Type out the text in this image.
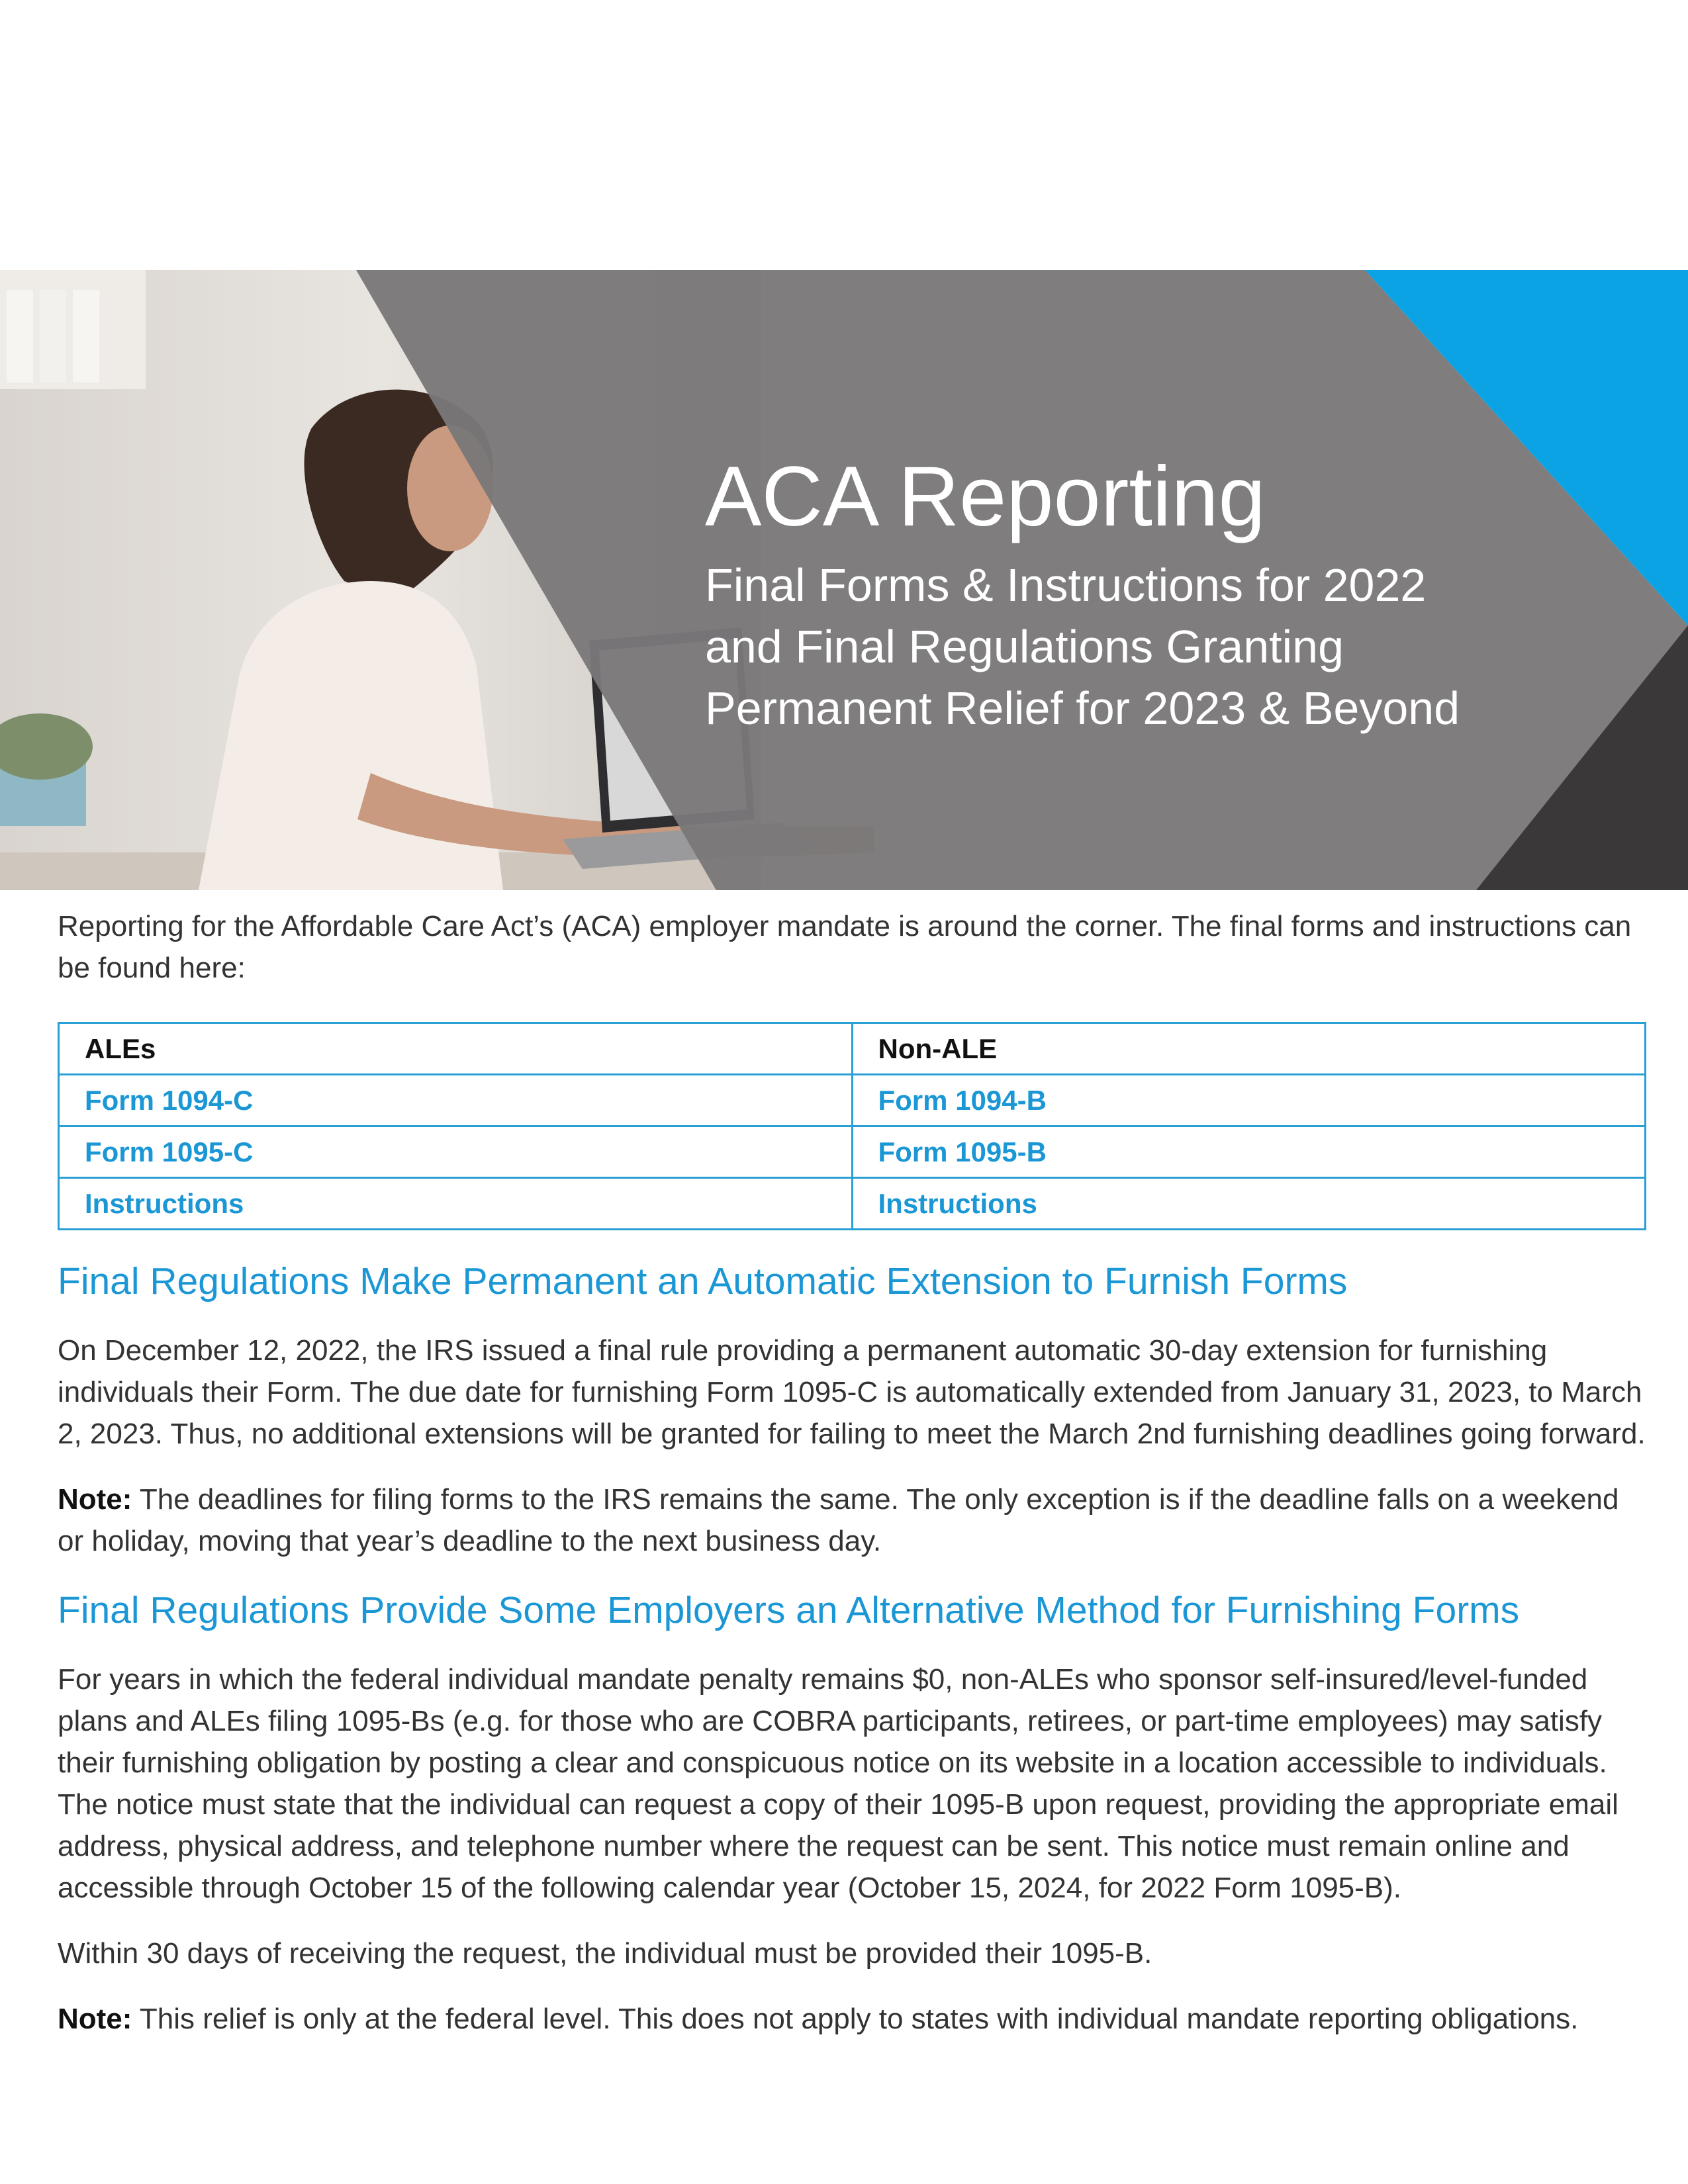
ACA Reporting
Final Forms & Instructions for 2022
and Final Regulations Granting
Permanent Relief for 2023 & Beyond

Reporting for the Affordable Care Act’s (ACA) employer mandate is around the corner. The final forms and instructions can be found here:

ALEs	Non-ALE
Form 1094-C	Form 1094-B
Form 1095-C	Form 1095-B
Instructions	Instructions
Final Regulations Make Permanent an Automatic Extension to Furnish Forms

On December 12, 2022, the IRS issued a final rule providing a permanent automatic 30-day extension for furnishing individuals their Form. The due date for furnishing Form 1095-C is automatically extended from January 31, 2023, to March 2, 2023. Thus, no additional extensions will be granted for failing to meet the March 2nd furnishing deadlines going forward.

Note: The deadlines for filing forms to the IRS remains the same. The only exception is if the deadline falls on a weekend or holiday, moving that year’s deadline to the next business day.

Final Regulations Provide Some Employers an Alternative Method for Furnishing Forms

For years in which the federal individual mandate penalty remains $0, non-ALEs who sponsor self-insured/level-funded plans and ALEs filing 1095-Bs (e.g. for those who are COBRA participants, retirees, or part-time employees) may satisfy their furnishing obligation by posting a clear and conspicuous notice on its website in a location accessible to individuals. The notice must state that the individual can request a copy of their 1095-B upon request, providing the appropriate email address, physical address, and telephone number where the request can be sent. This notice must remain online and accessible through October 15 of the following calendar year (October 15, 2024, for 2022 Form 1095-B).

Within 30 days of receiving the request, the individual must be provided their 1095-B.

Note: This relief is only at the federal level. This does not apply to states with individual mandate reporting obligations.
